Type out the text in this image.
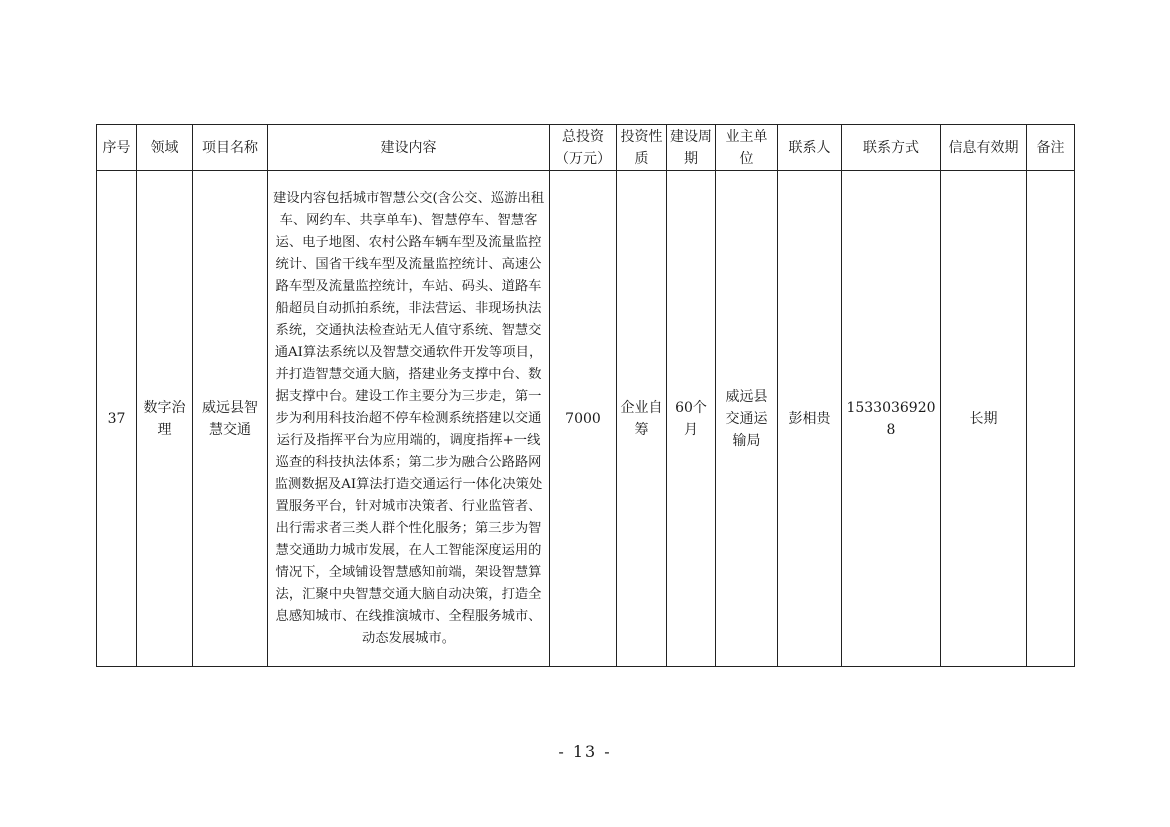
序号	领域	项目名称	建设内容	总投资（万元）	投资性质	建设周期	业主单位	联系人	联系方式	信息有效期	备注
37	数字治理	威远县智慧交通	建设内容包括城市智慧公交(含公交、巡游出租车、网约车、共享单车)、智慧停车、智慧客运、电子地图、农村公路车辆车型及流量监控统计、国省干线车型及流量监控统计、高速公路车型及流量监控统计，车站、码头、道路车船超员自动抓拍系统，非法营运、非现场执法系统，交通执法检查站无人值守系统、智慧交通AI算法系统以及智慧交通软件开发等项目，并打造智慧交通大脑，搭建业务支撑中台、数据支撑中台。建设工作主要分为三步走，第一步为利用科技治超不停车检测系统搭建以交通运行及指挥平台为应用端的，调度指挥+一线巡查的科技执法体系；第二步为融合公路路网监测数据及AI算法打造交通运行一体化决策处置服务平台，针对城市决策者、行业监管者、出行需求者三类人群个性化服务；第三步为智慧交通助力城市发展，在人工智能深度运用的情况下，全域铺设智慧感知前端，架设智慧算法，汇聚中央智慧交通大脑自动决策，打造全息感知城市、在线推演城市、全程服务城市、动态发展城市。	7000	企业自筹	60个月	威远县交通运输局	彭相贵	15330369208	长期	
- 13 -
